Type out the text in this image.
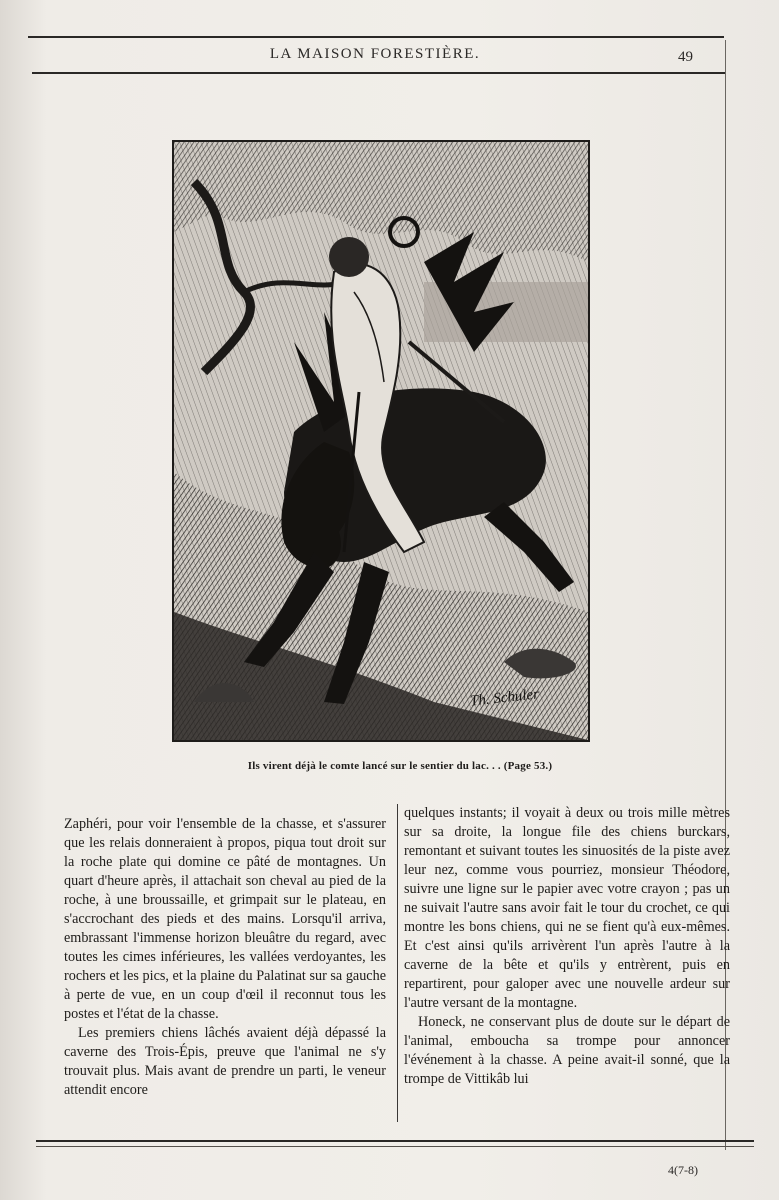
LA MAISON FORESTIÈRE.	49
Th. Schuler
Ils virent déjà le comte lancé sur le sentier du lac. . . (Page 53.)

Zaphéri, pour voir l'ensemble de la chasse, et s'assurer que les relais donneraient à propos, piqua tout droit sur la roche plate qui domine ce pâté de montagnes. Un quart d'heure après, il attachait son cheval au pied de la roche, à une broussaille, et grimpait sur le plateau, en s'accrochant des pieds et des mains. Lorsqu'il arriva, embrassant l'immense horizon bleuâtre du regard, avec toutes les cimes inférieures, les vallées verdoyantes, les rochers et les pics, et la plaine du Palatinat sur sa gauche à perte de vue, en un coup d'œil il reconnut tous les postes et l'état de la chasse.

Les premiers chiens lâchés avaient déjà dépassé la caverne des Trois-Épis, preuve que l'animal ne s'y trouvait plus. Mais avant de prendre un parti, le veneur attendit encore

quelques instants; il voyait à deux ou trois mille mètres sur sa droite, la longue file des chiens burckars, remontant et suivant toutes les sinuosités de la piste avez leur nez, comme vous pourriez, monsieur Théodore, suivre une ligne sur le papier avec votre crayon ; pas un ne suivait l'autre sans avoir fait le tour du crochet, ce qui montre les bons chiens, qui ne se fient qu'à eux-mêmes. Et c'est ainsi qu'ils arrivèrent l'un après l'autre à la caverne de la bête et qu'ils y entrèrent, puis en repartirent, pour galoper avec une nouvelle ardeur sur l'autre versant de la montagne.

Honeck, ne conservant plus de doute sur le départ de l'animal, emboucha sa trompe pour annoncer l'événement à la chasse. A peine avait-il sonné, que la trompe de Vittikâb lui

4(7-8)
